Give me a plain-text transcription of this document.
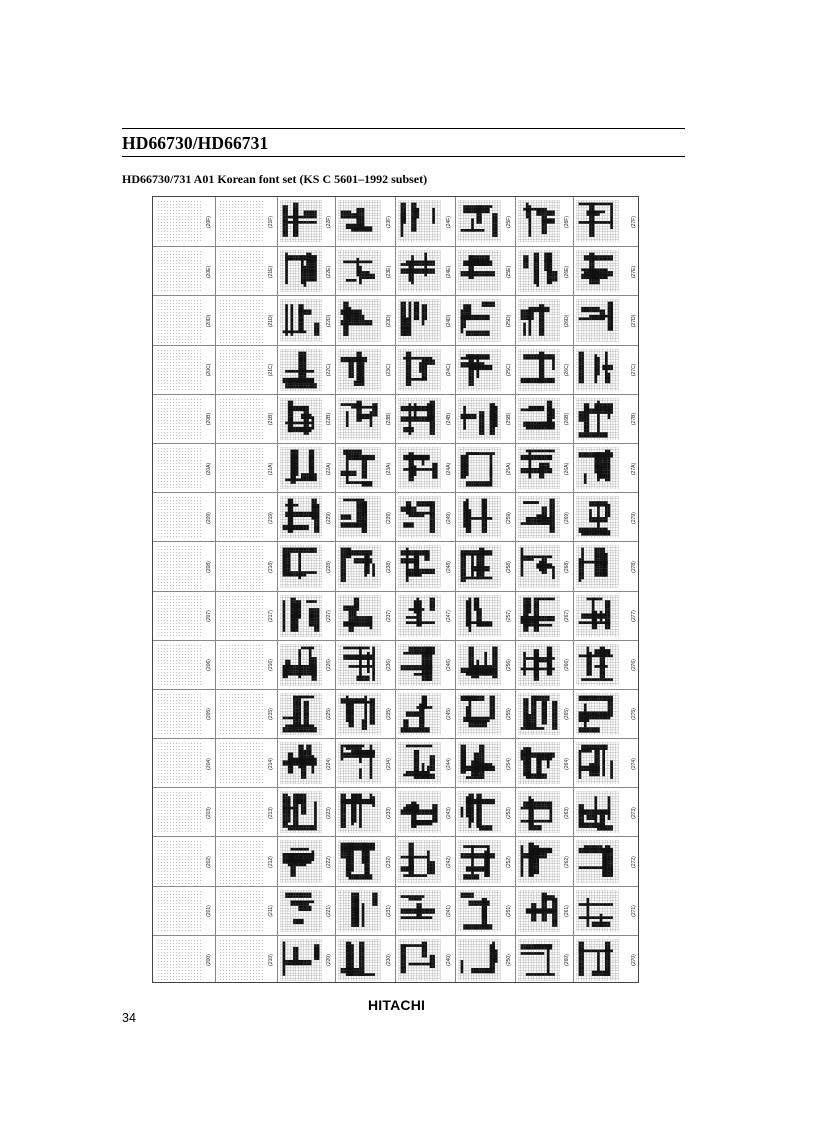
HD66730/HD66731
HD66730/731 A01 Korean font set (KS C 5601–1992 subset)
(20F)	(21F)	(22F)	(23F)	(24F)	(25F)	(26F)	(27F)
(20E)	(21E)	(22E)	(23E)	(24E)	(25E)	(26E)	(27E)
(20D)	(21D)	(22D)	(23D)	(24D)	(25D)	(26D)	(27D)
(20C)	(21C)	(22C)	(23C)	(24C)	(25C)	(26C)	(27C)
(20B)	(21B)	(22B)	(23B)	(24B)	(25B)	(26B)	(27B)
(20A)	(21A)	(22A)	(23A)	(24A)	(25A)	(26A)	(27A)
(209)	(219)	(229)	(239)	(249)	(259)	(269)	(279)
(208)	(218)	(228)	(238)	(248)	(258)	(268)	(278)
(207)	(217)	(227)	(237)	(247)	(257)	(267)	(277)
(206)	(216)	(226)	(236)	(246)	(256)	(266)	(276)
(205)	(215)	(225)	(235)	(245)	(255)	(265)	(275)
(204)	(214)	(224)	(234)	(244)	(254)	(264)	(274)
(203)	(213)	(223)	(233)	(243)	(253)	(263)	(273)
(202)	(212)	(222)	(232)	(242)	(252)	(262)	(272)
(201)	(211)	(221)	(231)	(241)	(251)	(261)	(271)
(200)	(210)	(220)	(230)	(240)	(250)	(260)	(270)
HITACHI
34
